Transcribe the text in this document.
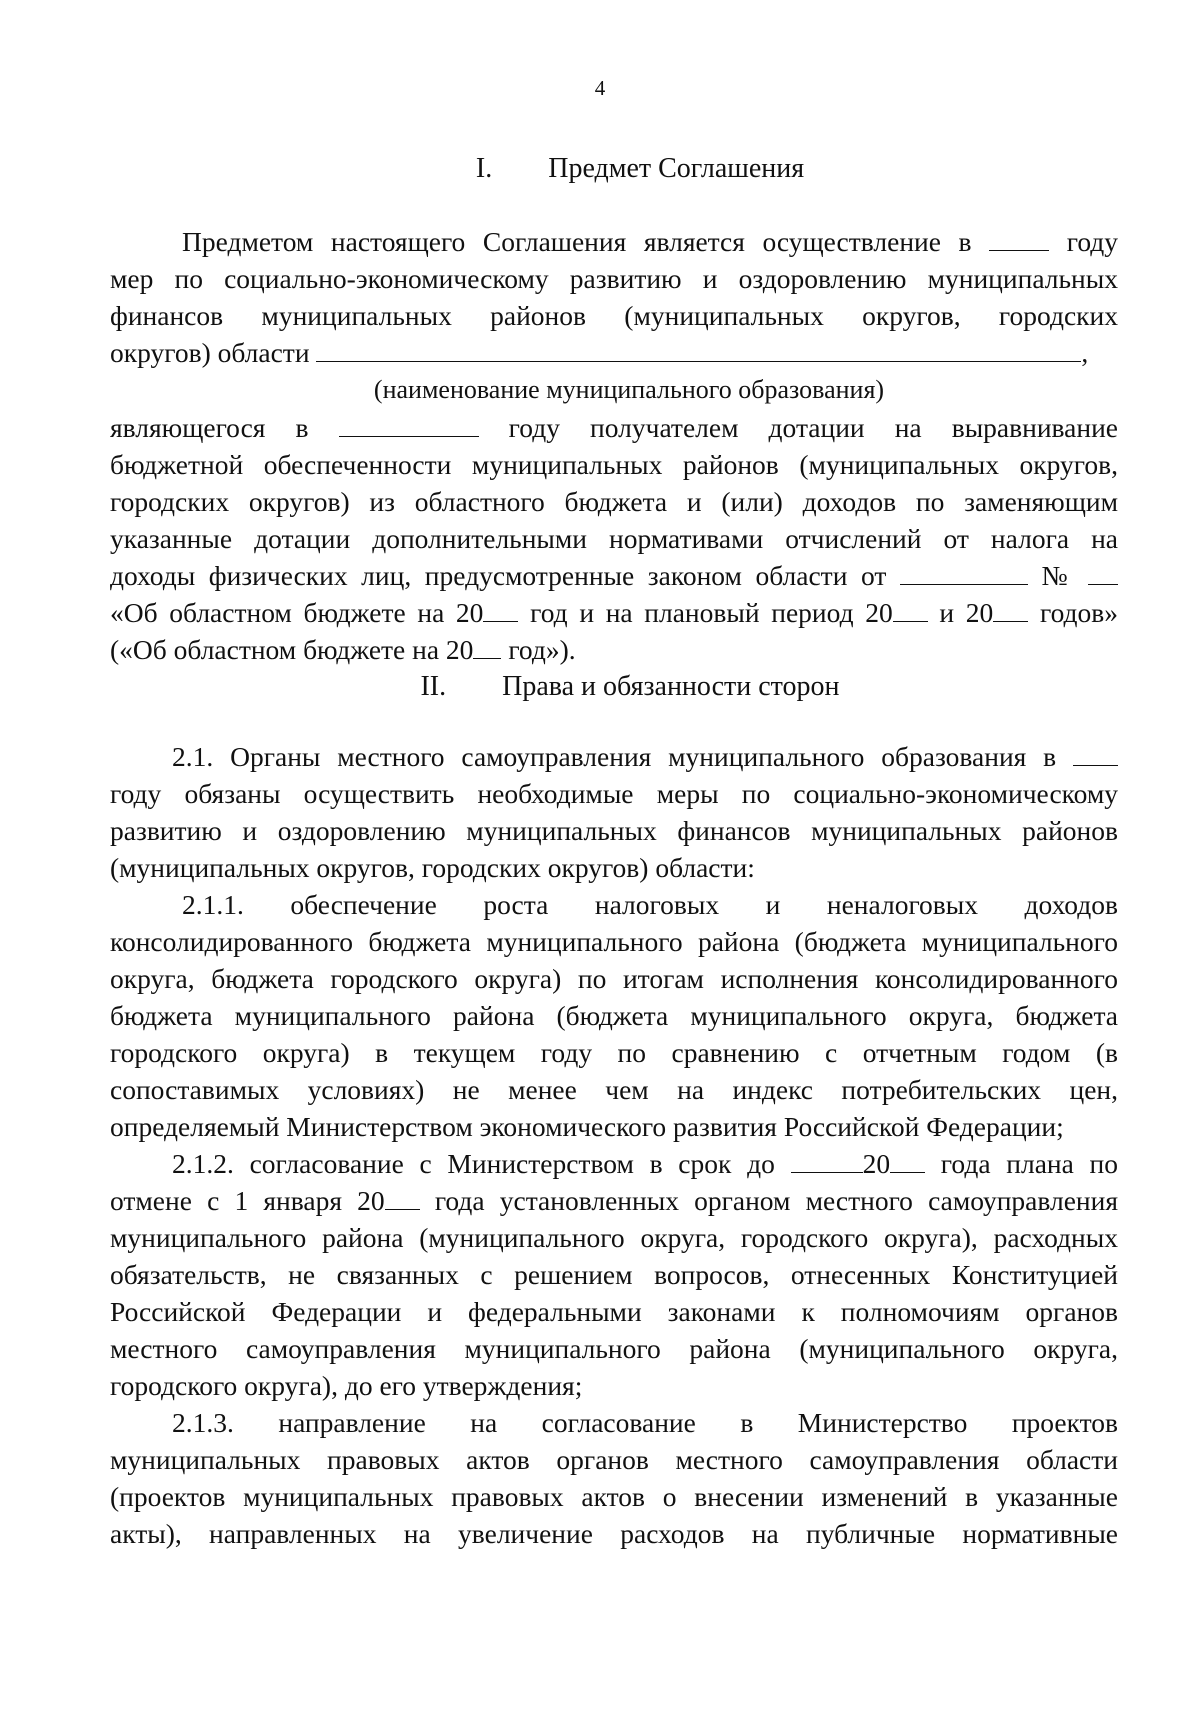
4
I. Предмет Соглашения
Предметом настоящего Соглашения является осуществление в	году
мер по социально-экономическому развитию и оздоровлению муниципальных
финансов муниципальных районов (муниципальных округов, городских
округов) области	,
(наименование муниципального образования)
являющегося в	году получателем дотации на выравнивание
бюджетной обеспеченности муниципальных районов (муниципальных округов,
городских округов) из областного бюджета и (или) доходов по заменяющим
указанные дотации дополнительными нормативами отчислений от налога на
доходы физических лиц, предусмотренные законом области от	№
«Об областном бюджете на 20 год и на плановый период 20 и 20 годов»
(«Об областном бюджете на 20 год»).
II. Права и обязанности сторон
2.1. Органы местного самоуправления муниципального образования в
году обязаны осуществить необходимые меры по социально-экономическому
развитию и оздоровлению муниципальных финансов муниципальных районов
(муниципальных округов, городских округов) области:
2.1.1. обеспечение роста налоговых и неналоговых доходов
консолидированного бюджета муниципального района (бюджета муниципального
округа, бюджета городского округа) по итогам исполнения консолидированного
бюджета муниципального района (бюджета муниципального округа, бюджета
городского округа) в текущем году по сравнению с отчетным годом (в
сопоставимых условиях) не менее чем на индекс потребительских цен,
определяемый Министерством экономического развития Российской Федерации;
2.1.2. согласование с Министерством в срок до	20 года плана по
отмене с 1 января 20 года установленных органом местного самоуправления
муниципального района (муниципального округа, городского округа), расходных
обязательств, не связанных с решением вопросов, отнесенных Конституцией
Российской Федерации и федеральными законами к полномочиям органов
местного самоуправления муниципального района (муниципального округа,
городского округа), до его утверждения;
2.1.3. направление на согласование в Министерство проектов
муниципальных правовых актов органов местного самоуправления области
(проектов муниципальных правовых актов о внесении изменений в указанные
акты), направленных на увеличение расходов на публичные нормативные
